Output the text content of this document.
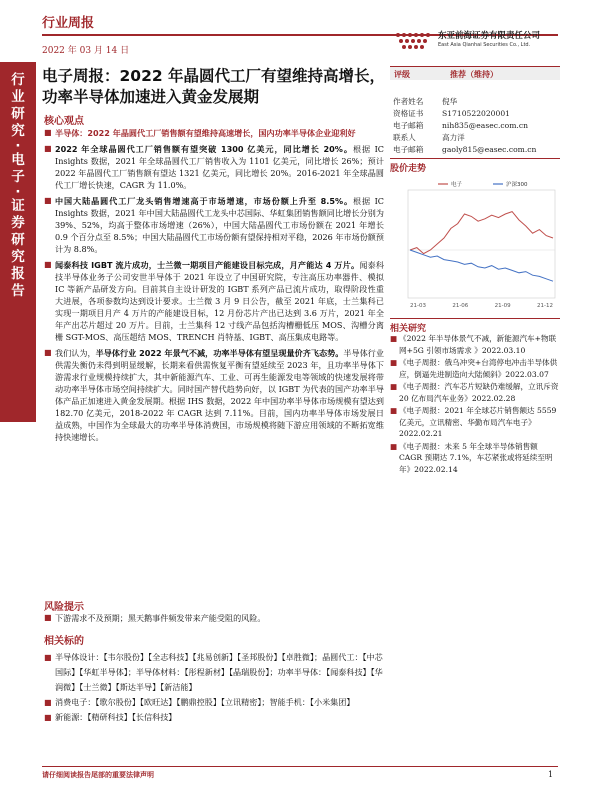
行业周报
2022 年 03 月 14 日
东亚前海证券有限责任公司
East Asia Qianhai Securities Co., Ltd.
行
业
研
究
·
电
子
·
证
券
研
究
报
告
电子周报：2022 年晶圆代工厂有望维持高增长，功率半导体加速进入黄金发展期
核心观点
■ 半导体：2022 年晶圆代工厂销售额有望维持高速增长，国内功率半导体企业迎利好
■ 2022 年全球晶圆代工厂销售额有望突破 1300 亿美元，同比增长 20%。根据 IC Insights 数据，2021 年全球晶圆代工厂销售收入为 1101 亿美元，同比增长 26%；预计 2022 年晶圆代工厂销售额有望达 1321 亿美元，同比增长 20%。2016-2021 年全球晶圆代工厂增长快速，CAGR 为 11.0%。
■ 中国大陆晶圆代工厂龙头销售增速高于市场增速，市场份额上升至 8.5%。根据 IC Insights 数据，2021 年中国大陆晶圆代工龙头中芯国际、华虹集团销售额同比增长分别为 39%、52%，均高于整体市场增速（26%），中国大陆晶圆代工市场份额在 2021 年增长 0.9 个百分点至 8.5%；中国大陆晶圆代工市场份额有望保持相对平稳，2026 年市场份额预计为 8.8%。
■ 闻泰科技 IGBT 流片成功，士兰微一期项目产能建设目标完成，月产能达 4 万片。闻泰科技半导体业务子公司安世半导体于 2021 年设立了中国研究院，专注高压功率器件、模拟 IC 等新产品研发方向。目前其自主设计研发的 IGBT 系列产品已流片成功，取得阶段性重大进展，各项参数均达到设计要求。士兰微 3 月 9 日公告，截至 2021 年底，士兰集科已实现一期项目月产 4 万片的产能建设目标，12 月份芯片产出已达到 3.6 万片，2021 年全年产出芯片超过 20 万片。目前，士兰集科 12 寸线产品包括沟槽栅低压 MOS、沟槽分离栅 SGT-MOS、高压超结 MOS、TRENCH 肖特基、IGBT、高压集成电路等。
■ 我们认为，半导体行业 2022 年景气不减，功率半导体有望呈现量价齐飞态势。半导体行业供需失衡仍未得到明显缓解，长期来看供需恢复平衡有望延续至 2023 年，且功率半导体下游需求行业规模持续扩大，其中新能源汽车、工业、可再生能源发电等领域的快速发展将带动功率半导体市场空间持续扩大。同时国产替代趋势向好，以 IGBT 为代表的国产功率半导体产品正加速进入黄金发展期。根据 IHS 数据，2022 年中国功率半导体市场规模有望达到 182.70 亿美元，2018-2022 年 CAGR 达到 7.11%。目前，国内功率半导体市场发展日益成熟，中国作为全球最大的功率半导体消费国，市场规模将随下游应用领域的不断拓宽维持快速增长。
风险提示
■ 下游需求不及预期；黑天鹅事件频发带来产能受阻的风险。
相关标的
■ 半导体设计：【韦尔股份】【全志科技】【兆易创新】【圣邦股份】【卓胜微】；晶圆代工：【中芯国际】【华虹半导体】；半导体材料：【彤程新材】【晶瑞股份】；功率半导体：【闻泰科技】【华润微】【士兰微】【斯达半导】【新洁能】
■ 消费电子：【歌尔股份】【欧旺达】【鹏鼎控股】【立讯精密】；智能手机：【小米集团】
■ 新能源：【精研科技】【长信科技】
评级	推荐（维持）
作者姓名 倪华
资格证书 S1710522020001
电子邮箱 nih835@easec.com.cn
联系人	高力洋
电子邮箱 gaoly815@easec.com.cn
股价走势
相关研究
21-03	21-06	21-09	21-12
电子	沪深300
■ 《2022 年半导体景气不减，新能源汽车+物联网+5G 引领市场需求 》2022.03.10
■ 《电子周报：俄乌冲突+台湾停电冲击半导体供应，倒逼先进制造向大陆倾斜》2022.03.07
■ 《电子周报：汽车芯片短缺仍难缓解，立讯斥资 20 亿布局汽车业务》2022.02.28
■ 《电子周报：2021 年全球芯片销售额达 5559 亿美元，立讯精密、华勤布局汽车电子》2022.02.21
■ 《电子周报：未来 5 年全球半导体销售额 CAGR 预期达 7.1%，车芯紧张或将延续至明年》2022.02.14
请仔细阅读报告尾部的重要法律声明	1
